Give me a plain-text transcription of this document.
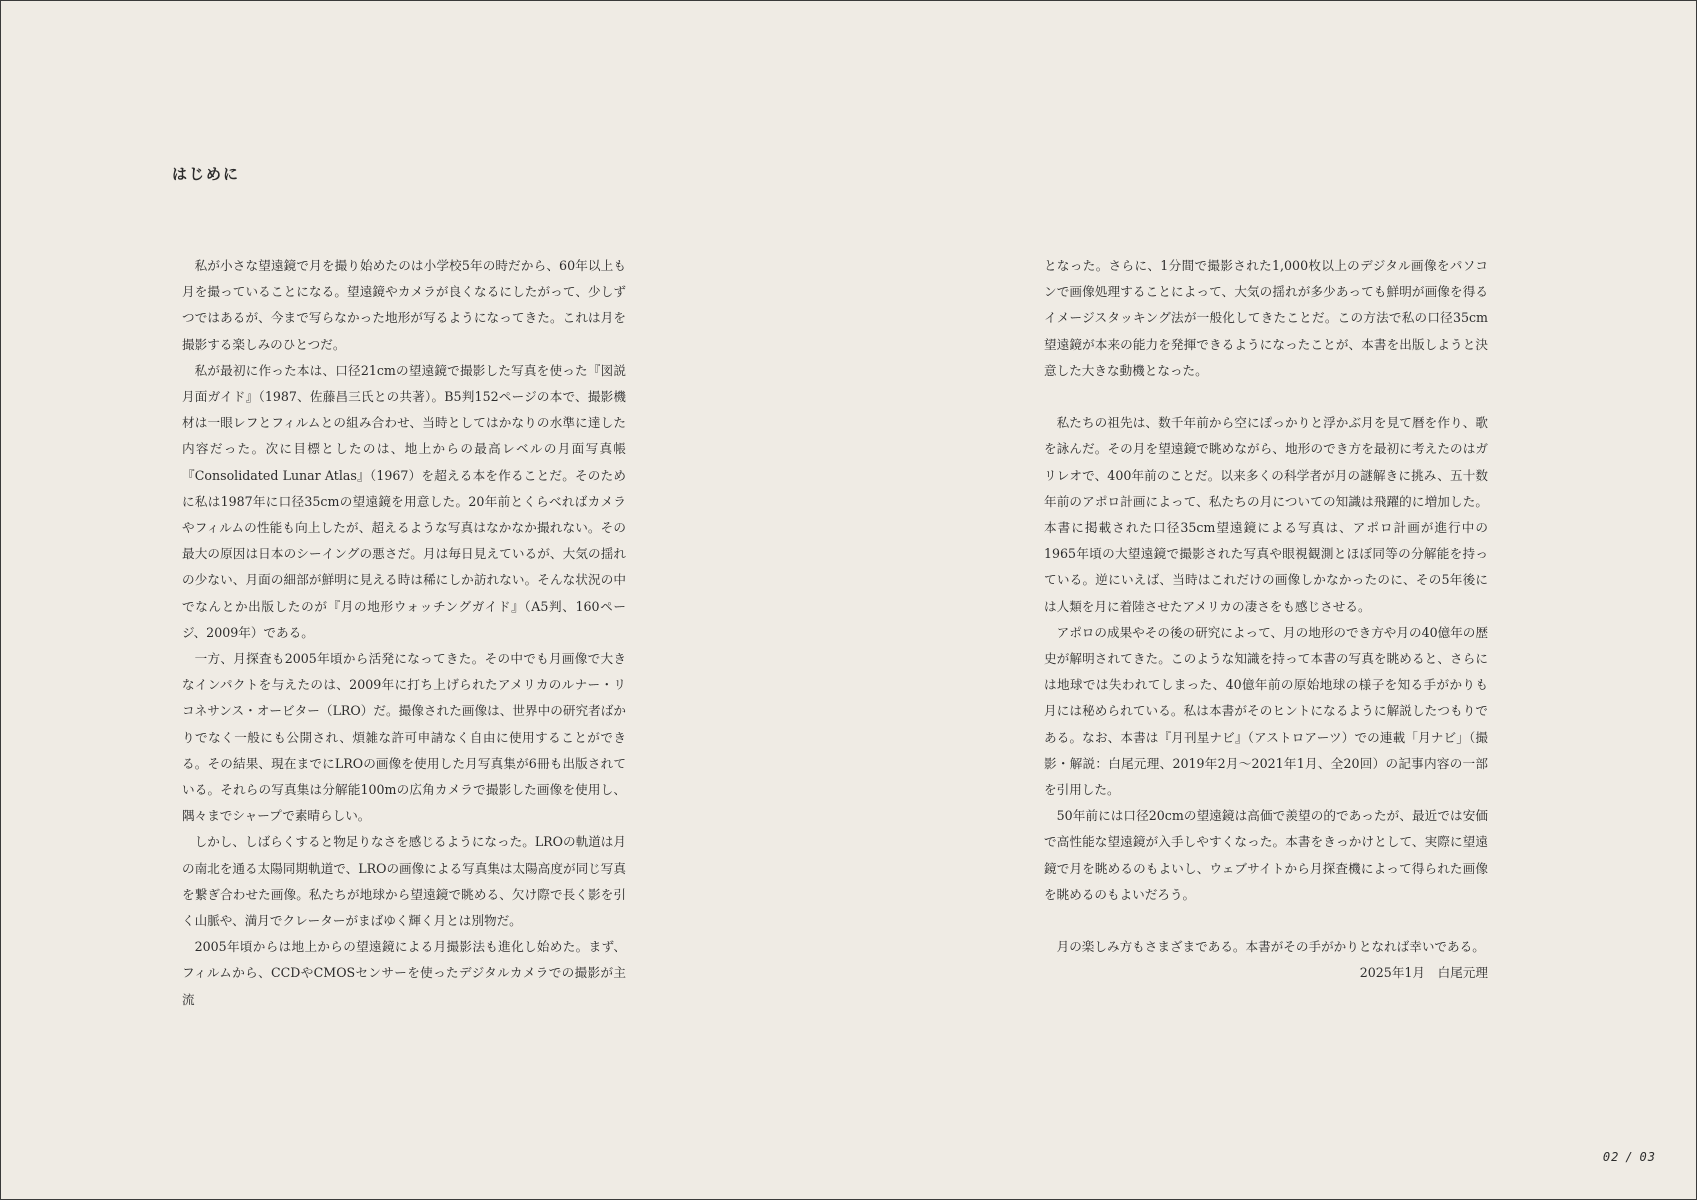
はじめに

私が小さな望遠鏡で月を撮り始めたのは小学校5年の時だから、60年以上も月を撮っていることになる。望遠鏡やカメラが良くなるにしたがって、少しずつではあるが、今まで写らなかった地形が写るようになってきた。これは月を撮影する楽しみのひとつだ。

私が最初に作った本は、口径21cmの望遠鏡で撮影した写真を使った『図説 月面ガイド』（1987、佐藤昌三氏との共著）。B5判152ページの本で、撮影機材は一眼レフとフィルムとの組み合わせ、当時としてはかなりの水準に達した内容だった。次に目標としたのは、地上からの最高レベルの月面写真帳『Consolidated Lunar Atlas』（1967）を超える本を作ることだ。そのために私は1987年に口径35cmの望遠鏡を用意した。20年前とくらべればカメラやフィルムの性能も向上したが、超えるような写真はなかなか撮れない。その最大の原因は日本のシーイングの悪さだ。月は毎日見えているが、大気の揺れの少ない、月面の細部が鮮明に見える時は稀にしか訪れない。そんな状況の中でなんとか出版したのが『月の地形ウォッチングガイド』（A5判、160ページ、2009年）である。

一方、月探査も2005年頃から活発になってきた。その中でも月画像で大きなインパクトを与えたのは、2009年に打ち上げられたアメリカのルナー・リコネサンス・オービター（LRO）だ。撮像された画像は、世界中の研究者ばかりでなく一般にも公開され、煩雑な許可申請なく自由に使用することができる。その結果、現在までにLROの画像を使用した月写真集が6冊も出版されている。それらの写真集は分解能100mの広角カメラで撮影した画像を使用し、隅々までシャープで素晴らしい。

しかし、しばらくすると物足りなさを感じるようになった。LROの軌道は月の南北を通る太陽同期軌道で、LROの画像による写真集は太陽高度が同じ写真を繋ぎ合わせた画像。私たちが地球から望遠鏡で眺める、欠け際で長く影を引く山脈や、満月でクレーターがまばゆく輝く月とは別物だ。

2005年頃からは地上からの望遠鏡による月撮影法も進化し始めた。まず、フィルムから、CCDやCMOSセンサーを使ったデジタルカメラでの撮影が主流

となった。さらに、1分間で撮影された1,000枚以上のデジタル画像をパソコンで画像処理することによって、大気の揺れが多少あっても鮮明が画像を得るイメージスタッキング法が一般化してきたことだ。この方法で私の口径35cm望遠鏡が本来の能力を発揮できるようになったことが、本書を出版しようと決意した大きな動機となった。

私たちの祖先は、数千年前から空にぽっかりと浮かぶ月を見て暦を作り、歌を詠んだ。その月を望遠鏡で眺めながら、地形のでき方を最初に考えたのはガリレオで、400年前のことだ。以来多くの科学者が月の謎解きに挑み、五十数年前のアポロ計画によって、私たちの月についての知識は飛躍的に増加した。本書に掲載された口径35cm望遠鏡による写真は、アポロ計画が進行中の1965年頃の大望遠鏡で撮影された写真や眼視観測とほぼ同等の分解能を持っている。逆にいえば、当時はこれだけの画像しかなかったのに、その5年後には人類を月に着陸させたアメリカの凄さをも感じさせる。

アポロの成果やその後の研究によって、月の地形のでき方や月の40億年の歴史が解明されてきた。このような知識を持って本書の写真を眺めると、さらには地球では失われてしまった、40億年前の原始地球の様子を知る手がかりも月には秘められている。私は本書がそのヒントになるように解説したつもりである。なお、本書は『月刊星ナビ』（アストロアーツ）での連載「月ナビ」（撮影・解説：白尾元理、2019年2月〜2021年1月、全20回）の記事内容の一部を引用した。

50年前には口径20cmの望遠鏡は高価で羨望の的であったが、最近では安価で高性能な望遠鏡が入手しやすくなった。本書をきっかけとして、実際に望遠鏡で月を眺めるのもよいし、ウェブサイトから月探査機によって得られた画像を眺めるのもよいだろう。

月の楽しみ方もさまざまである。本書がその手がかりとなれば幸いである。

2025年1月　白尾元理

02 / 03
